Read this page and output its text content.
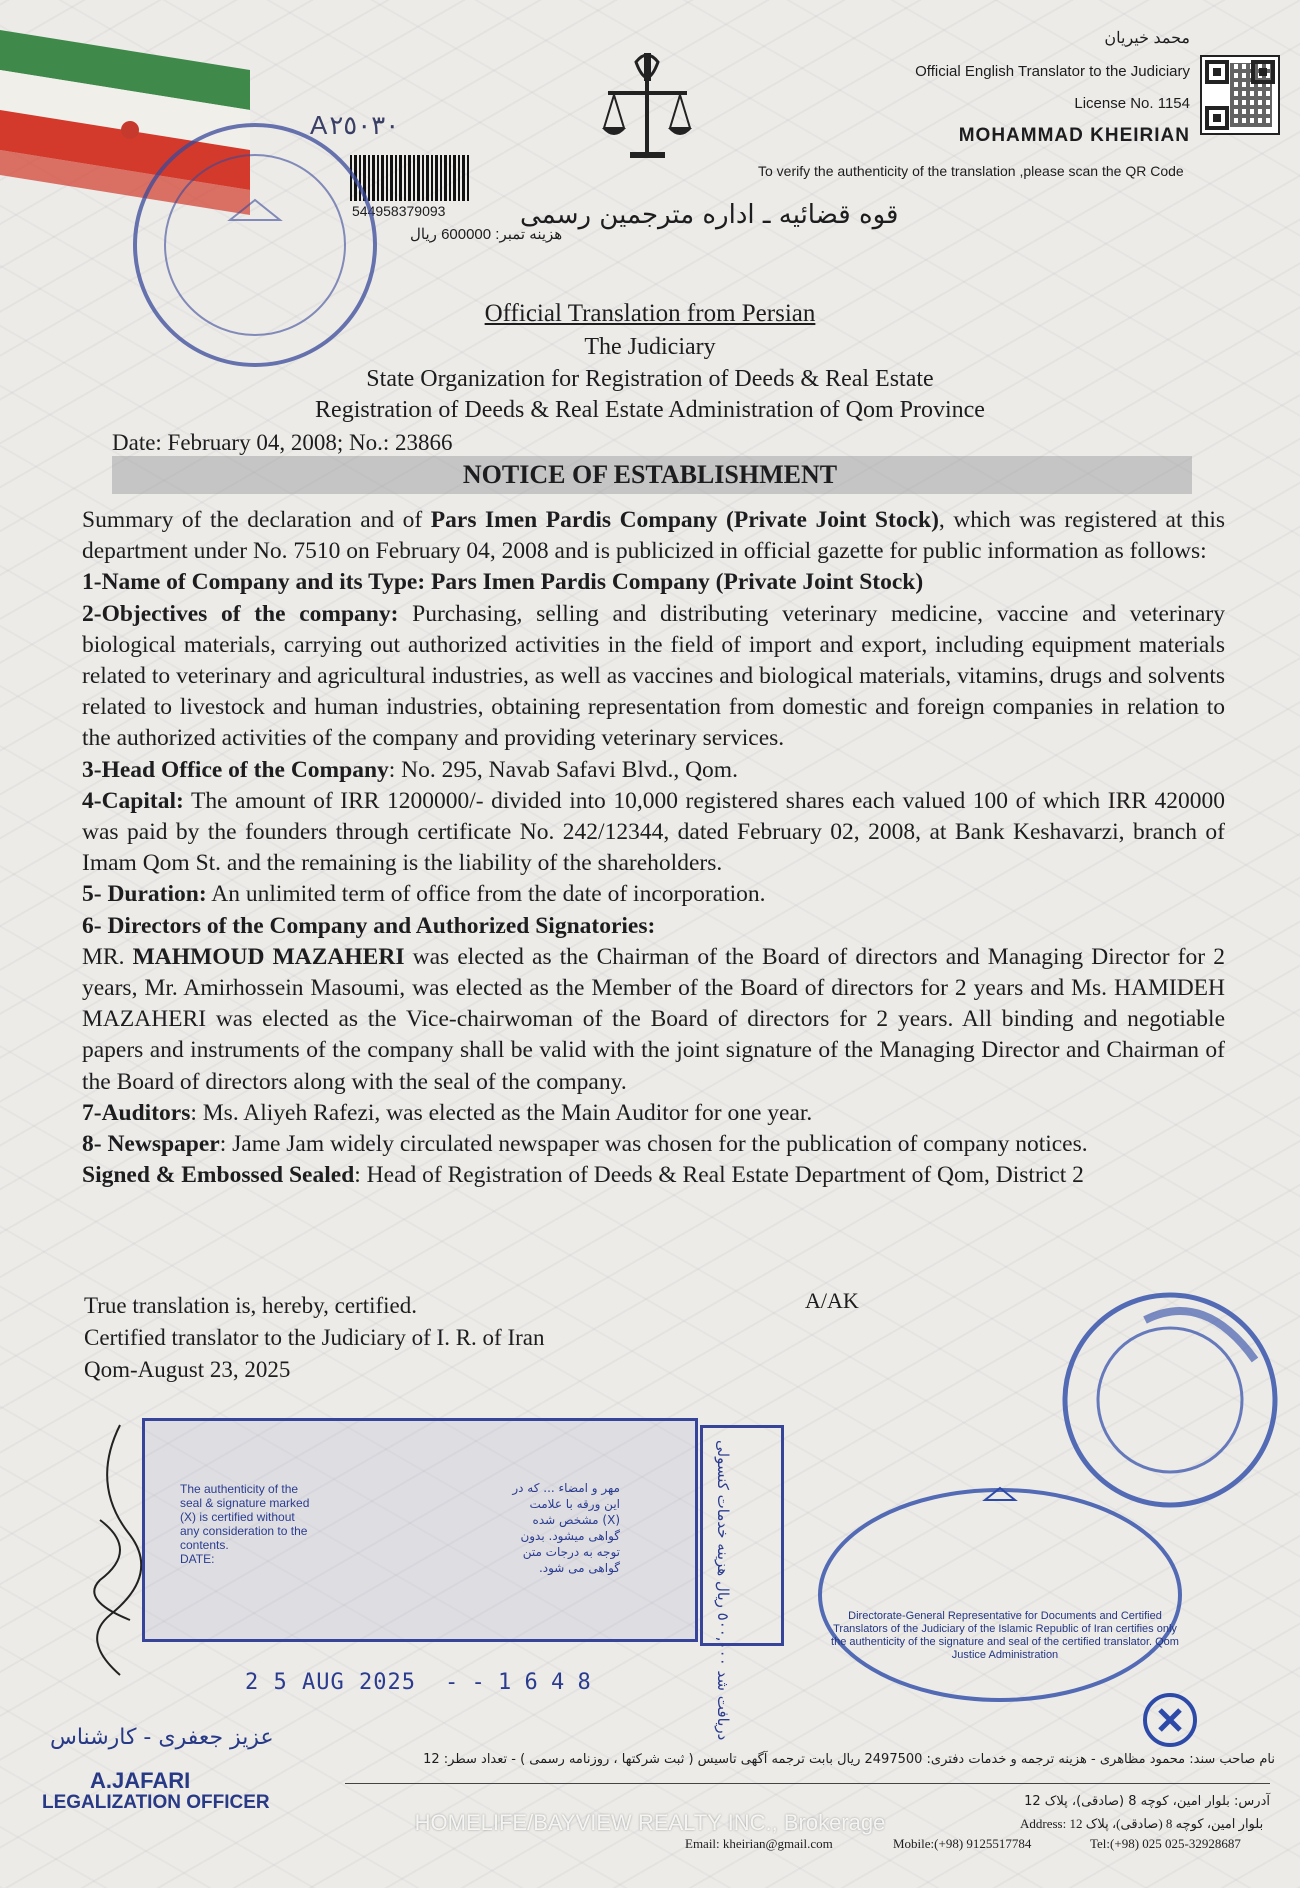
محمد خیریان
Official English Translator to the Judiciary
License No. 1154
MOHAMMAD KHEIRIAN
To verify the authenticity of the translation ,please scan the QR Code
A٢٥٠٣٠
544958379093
هزینه تمبر: 600000 ریال
قوه قضائیه ـ اداره مترجمین رسمی
Official Translation from Persian
The Judiciary
State Organization for Registration of Deeds & Real Estate
Registration of Deeds & Real Estate Administration of Qom Province
Date: February 04, 2008; No.: 23866
NOTICE OF ESTABLISHMENT

Summary of the declaration and of Pars Imen Pardis Company (Private Joint Stock), which was registered at this department under No. 7510 on February 04, 2008 and is publicized in official gazette for public information as follows:

1-Name of Company and its Type: Pars Imen Pardis Company (Private Joint Stock)

2-Objectives of the company: Purchasing, selling and distributing veterinary medicine, vaccine and veterinary biological materials, carrying out authorized activities in the field of import and export, including equipment materials related to veterinary and agricultural industries, as well as vaccines and biological materials, vitamins, drugs and solvents related to livestock and human industries, obtaining representation from domestic and foreign companies in relation to the authorized activities of the company and providing veterinary services.

3-Head Office of the Company: No. 295, Navab Safavi Blvd., Qom.

4-Capital: The amount of IRR 1200000/- divided into 10,000 registered shares each valued 100 of which IRR 420000 was paid by the founders through certificate No. 242/12344, dated February 02, 2008, at Bank Keshavarzi, branch of Imam Qom St. and the remaining is the liability of the shareholders.

5- Duration: An unlimited term of office from the date of incorporation.

6- Directors of the Company and Authorized Signatories:

MR. MAHMOUD MAZAHERI was elected as the Chairman of the Board of directors and Managing Director for 2 years, Mr. Amirhossein Masoumi, was elected as the Member of the Board of directors for 2 years and Ms. HAMIDEH MAZAHERI was elected as the Vice-chairwoman of the Board of directors for 2 years. All binding and negotiable papers and instruments of the company shall be valid with the joint signature of the Managing Director and Chairman of the Board of directors along with the seal of the company.

7-Auditors: Ms. Aliyeh Rafezi, was elected as the Main Auditor for one year.

8- Newspaper: Jame Jam widely circulated newspaper was chosen for the publication of company notices.

Signed & Embossed Sealed: Head of Registration of Deeds & Real Estate Department of Qom, District 2

True translation is, hereby, certified.
Certified translator to the Judiciary of I. R. of Iran
Qom-August 23, 2025
A/AK
The authenticity of the seal & signature marked (X) is certified without any consideration to the contents.
DATE:
مهر و امضاء ... که در این ورقه با علامت (X) مشخص شده گواهی میشود. بدون توجه به درجات متن گواهی می شود.
2 5 AUG 2025 - - 1 6 4 8
دریافت شد ٥٠٠,٠٠٠ ریال هزینه خدمات کنسولی
Directorate-General Representative for Documents and Certified Translators of the Judiciary of the Islamic Republic of Iran certifies only the authenticity of the signature and seal of the certified translator. Qom Justice Administration
عزیز جعفری - کارشناس
A.JAFARI
LEGALIZATION OFFICER
نام صاحب سند: محمود مظاهری - هزینه ترجمه و خدمات دفتری: 2497500 ریال بابت ترجمه آگهی تاسیس ( ثبت شرکتها ، روزنامه رسمی ) - تعداد سطر: 12
آدرس: بلوار امین، کوچه 8 (صادقی)، پلاک 12
Address: 12 بلوار امین، کوچه 8 (صادقی)، پلاک
Email: kheirian@gmail.com	Mobile:(+98) 9125517784	Tel:(+98) 025 025-32928687
HOMELIFE/BAYVIEW REALTY INC., Brokerage
